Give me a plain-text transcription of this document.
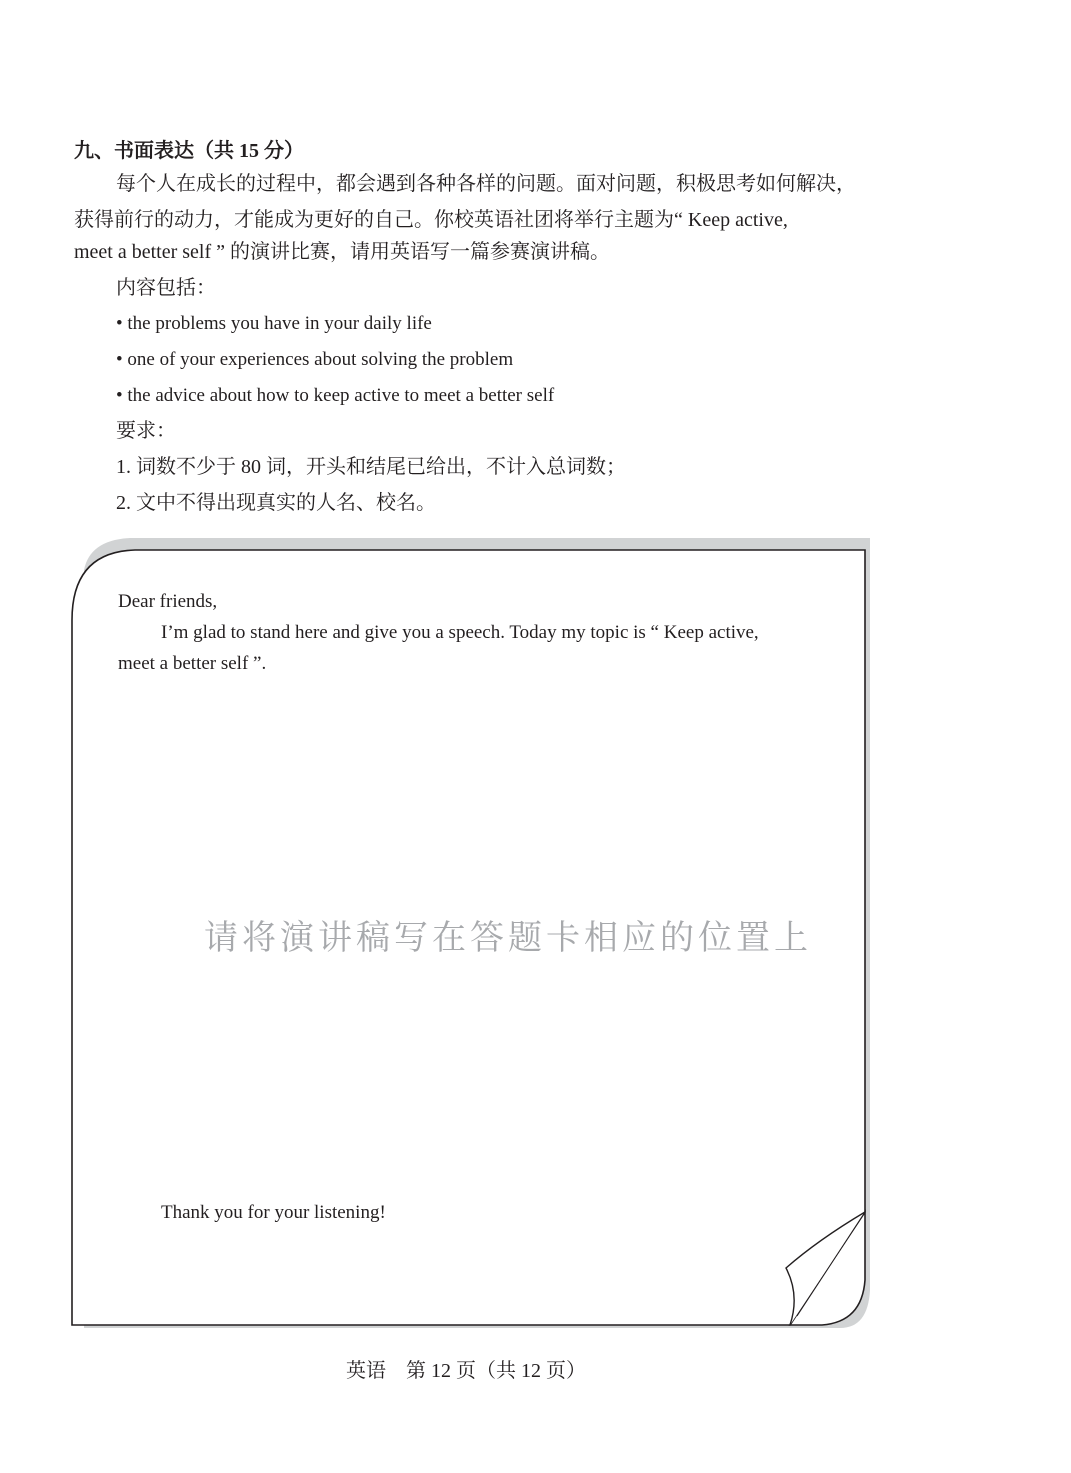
九、书面表达（共 15 分）
每个人在成长的过程中，都会遇到各种各样的问题。面对问题，积极思考如何解决，
获得前行的动力，才能成为更好的自己。你校英语社团将举行主题为“ Keep active,
meet a better self ” 的演讲比赛，请用英语写一篇参赛演讲稿。
内容包括：
• the problems you have in your daily life
• one of your experiences about solving the problem
• the advice about how to keep active to meet a better self
要求：
1. 词数不少于 80 词，开头和结尾已给出，不计入总词数；
2. 文中不得出现真实的人名、校名。
Dear friends,
I’m glad to stand here and give you a speech. Today my topic is “ Keep active,
meet a better self ”.
请将演讲稿写在答题卡相应的位置上
Thank you for your listening!
英语　第 12 页（共 12 页）
